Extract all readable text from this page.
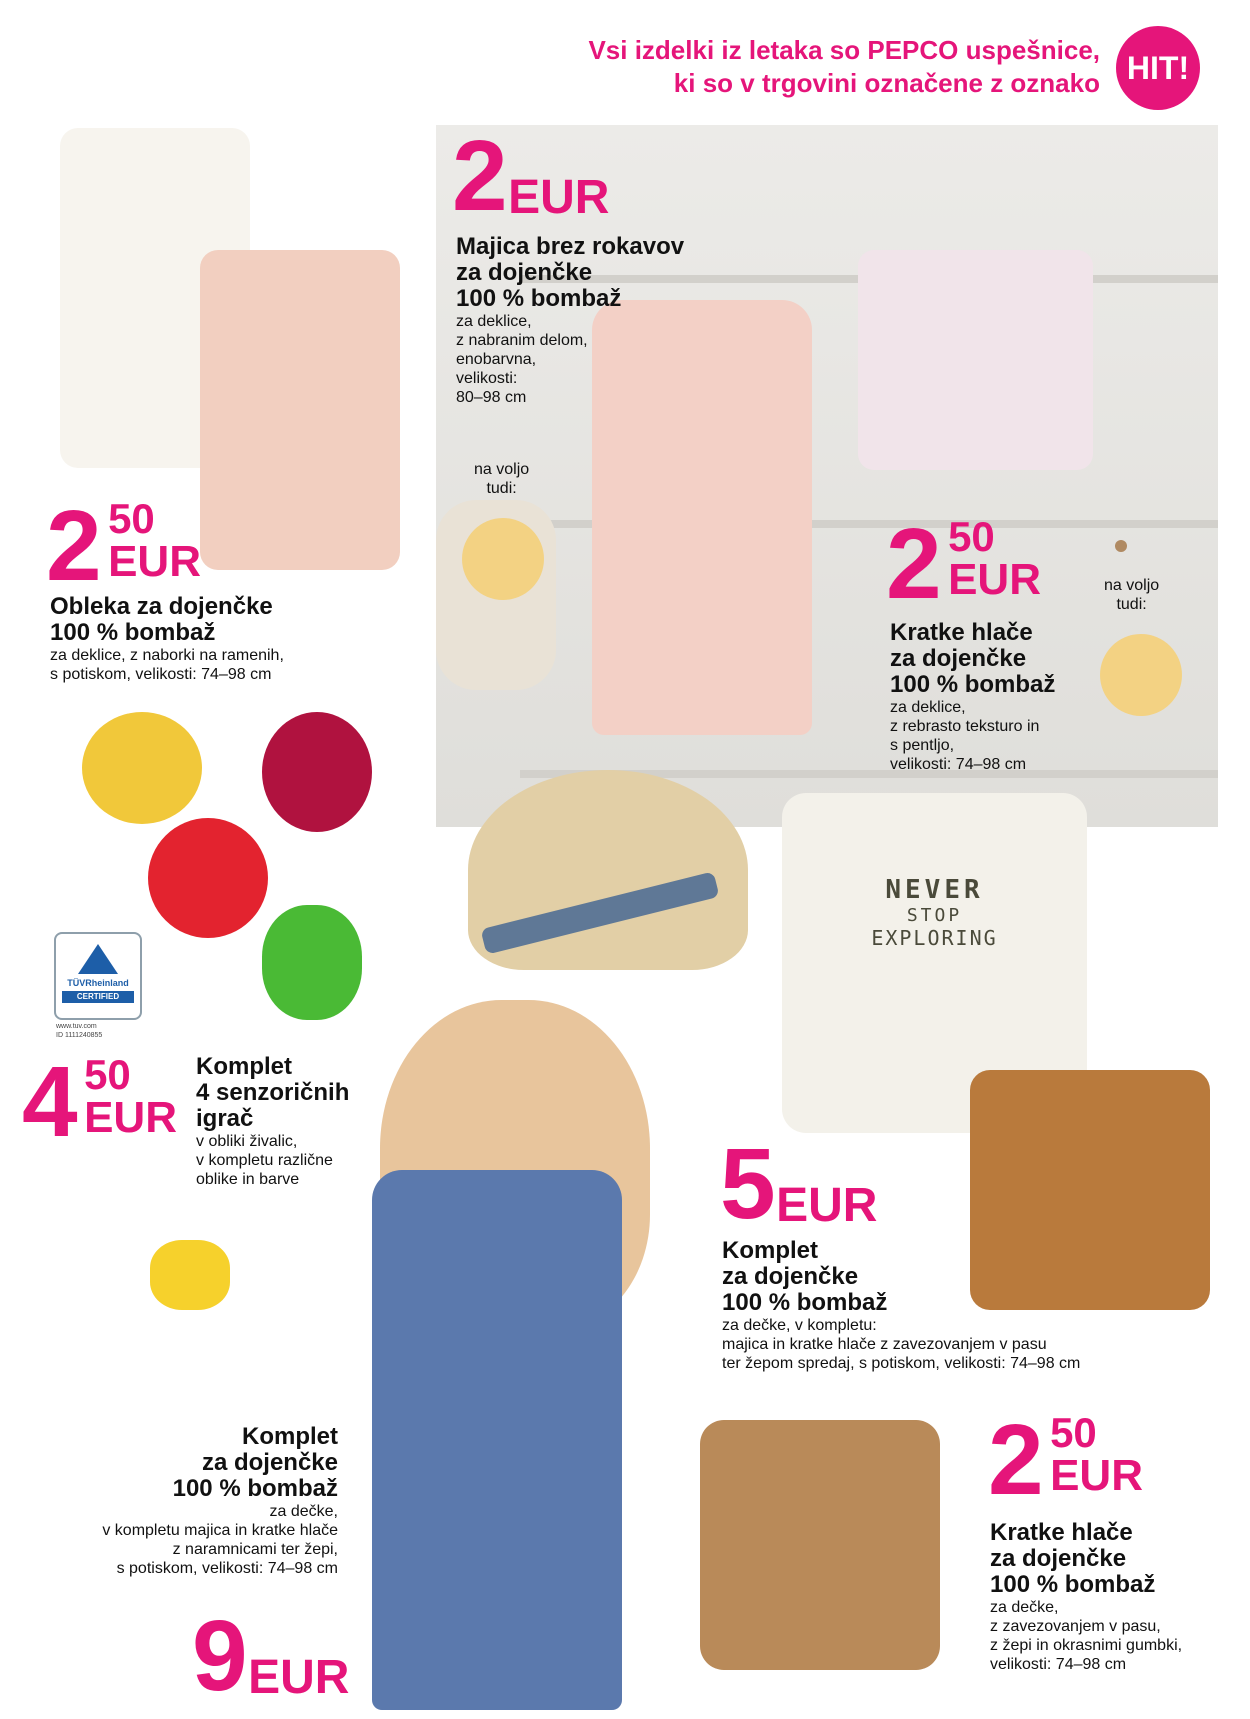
Vsi izdelki iz letaka so PEPCO uspešnice,
ki so v trgovini označene z oznako HIT!
NEVER
STOP
EXPLORING
TÜVRheinland
CERTIFIED
www.tuv.com
ID 1111240855
2 EUR
Majica brez rokavov
za dojenčke
100 % bombaž
za deklice,
z nabranim delom,
enobarvna,
velikosti:
80–98 cm
na voljo
tudi:
2 50
EUR
Obleka za dojenčke
100 % bombaž
za deklice, z naborki na ramenih,
s potiskom, velikosti: 74–98 cm
2 50
EUR	na voljo
tudi:
Kratke hlače
za dojenčke
100 % bombaž
za deklice,
z rebrasto teksturo in
s pentljo,
velikosti: 74–98 cm
4 50
EUR
Komplet
4 senzoričnih
igrač
v obliki živalic,
v kompletu različne
oblike in barve	5 EUR
Komplet
za dojenčke
100 % bombaž
za dečke, v kompletu:
majica in kratke hlače z zavezovanjem v pasu
ter žepom spredaj, s potiskom, velikosti: 74–98 cm
Komplet
za dojenčke
100 % bombaž
za dečke,
v kompletu majica in kratke hlače
z naramnicami ter žepi,
s potiskom, velikosti: 74–98 cm
9 EUR
2 50
EUR
Kratke hlače
za dojenčke
100 % bombaž
za dečke,
z zavezovanjem v pasu,
z žepi in okrasnimi gumbki,
velikosti: 74–98 cm
